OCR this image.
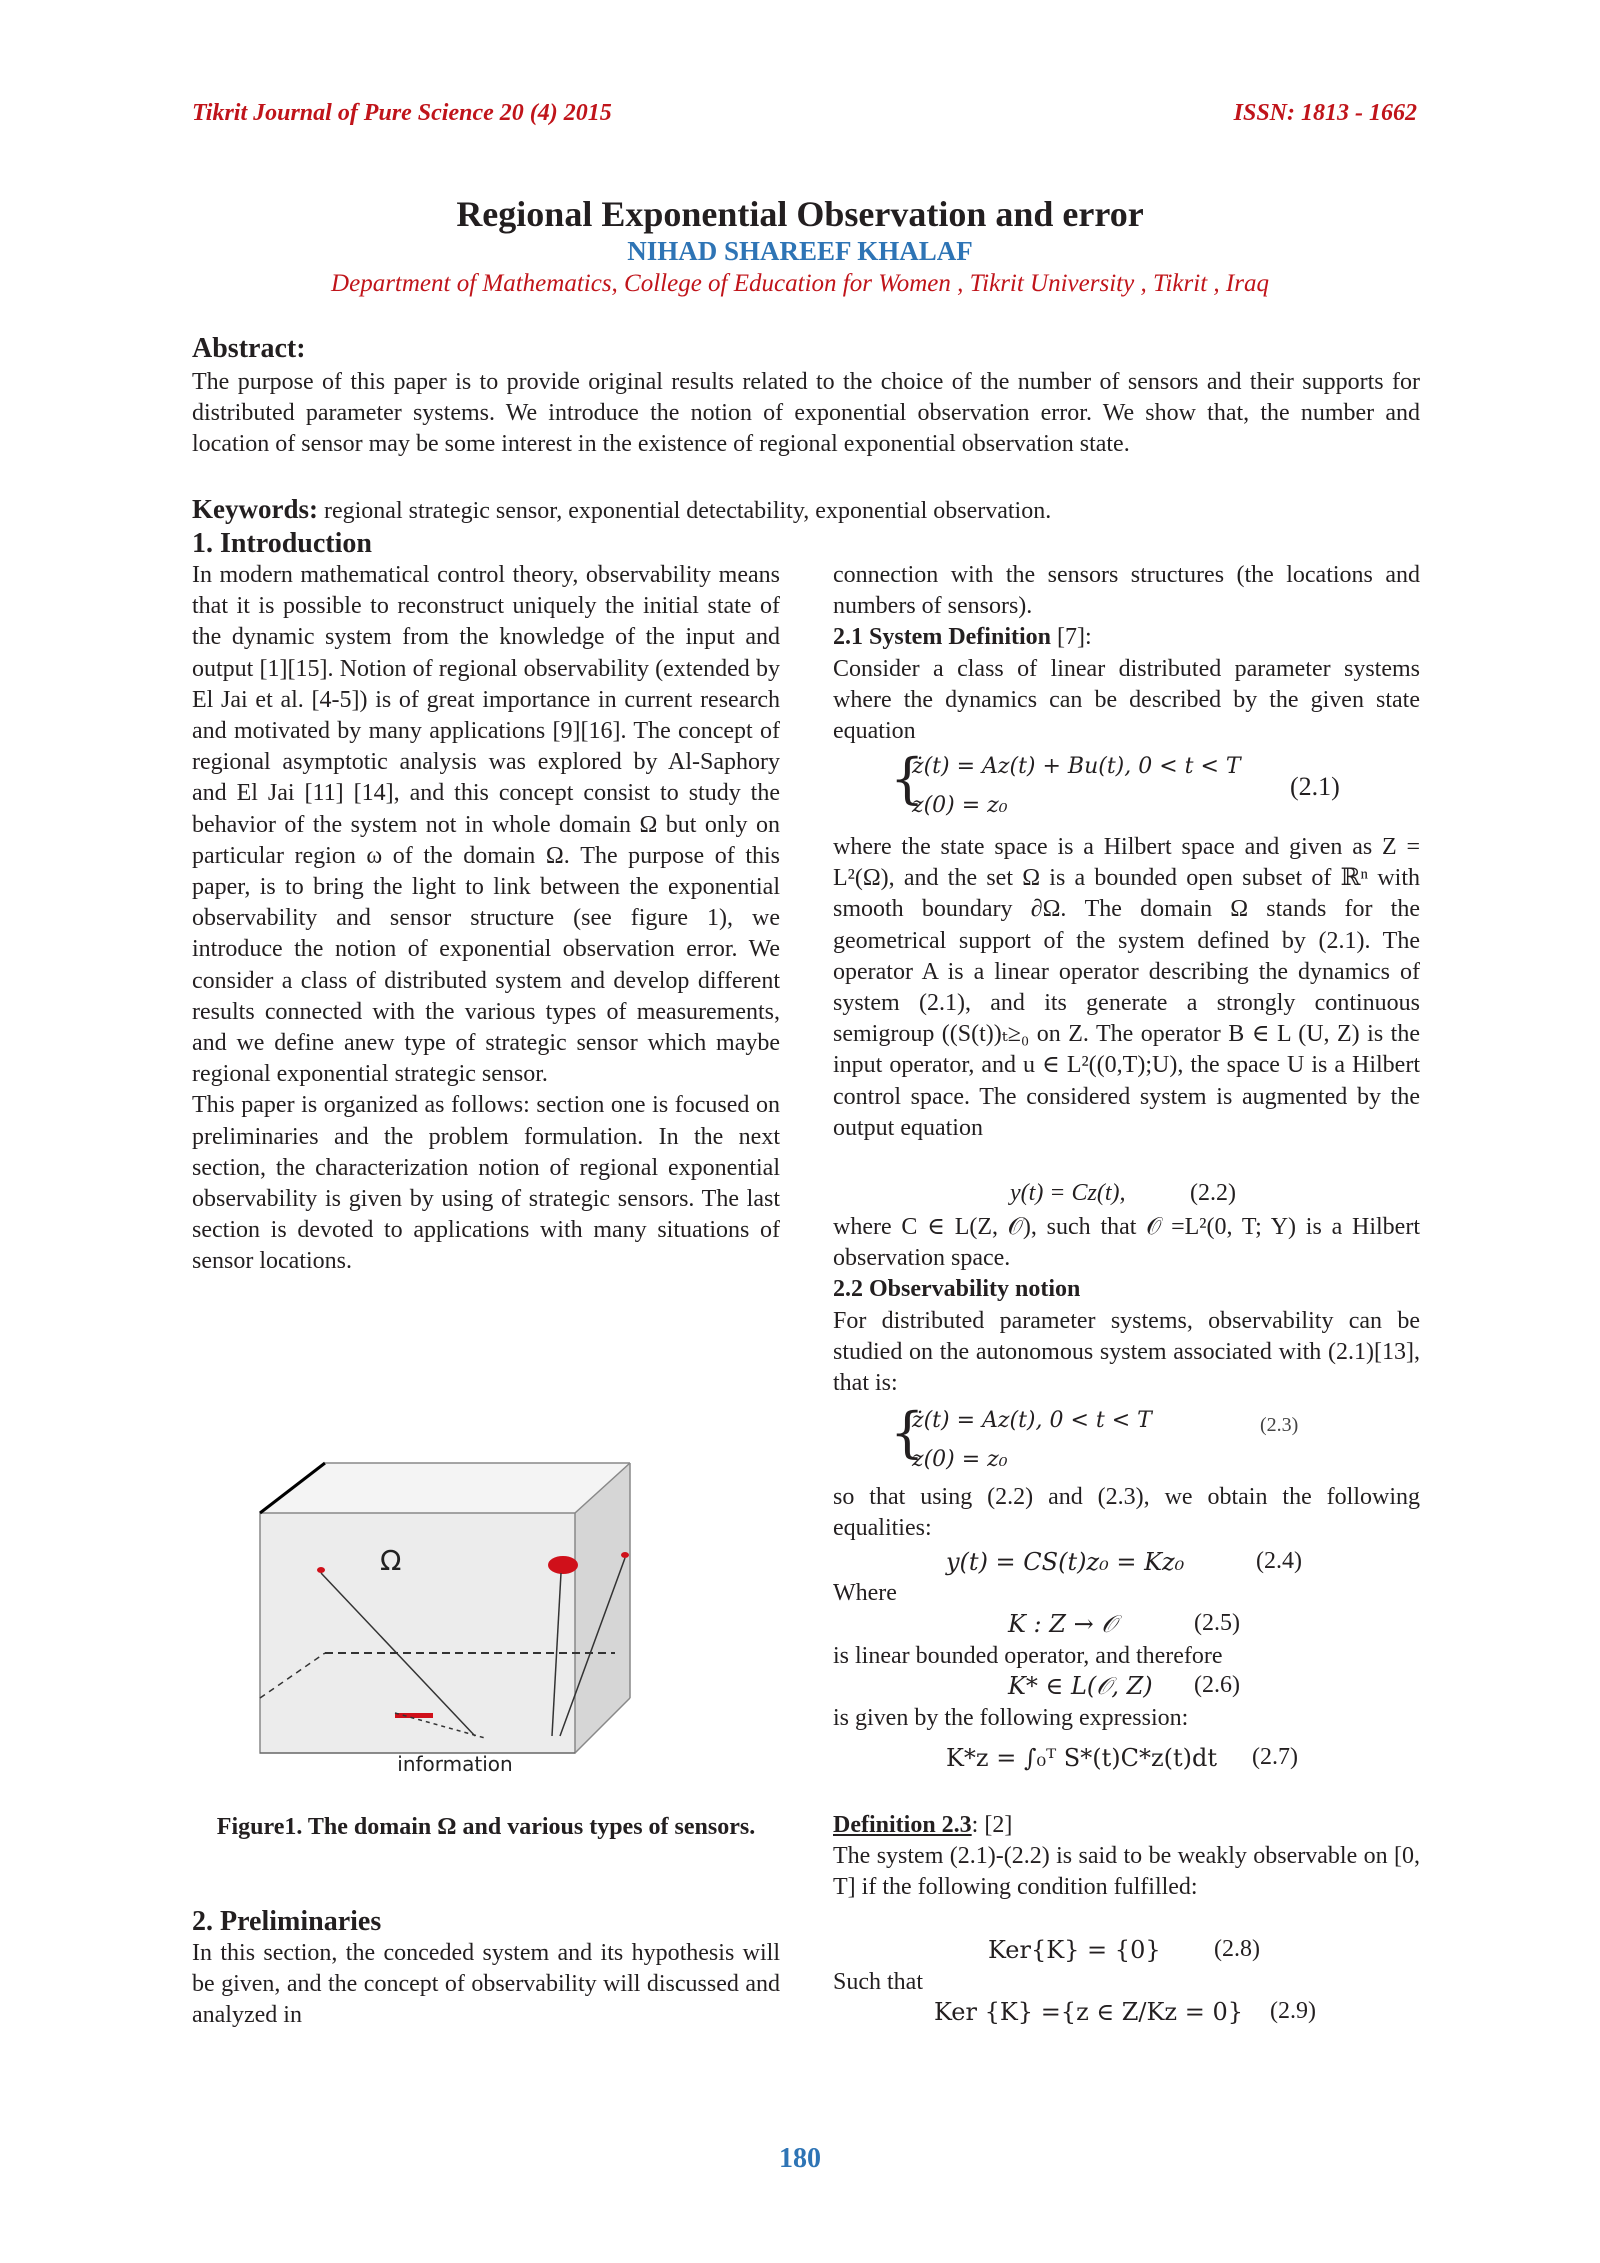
Tikrit Journal of Pure Science 20 (4) 2015	ISSN: 1813 - 1662
Regional Exponential Observation and error
NIHAD SHAREEF KHALAF
Department of Mathematics, College of Education for Women , Tikrit University , Tikrit , Iraq
Abstract:
The purpose of this paper is to provide original results related to the choice of the number of sensors and their supports for distributed parameter systems. We introduce the notion of exponential observation error. We show that, the number and location of sensor may be some interest in the existence of regional exponential observation state.
Keywords: regional strategic sensor, exponential detectability, exponential observation.
1. Introduction

In modern mathematical control theory, observability means that it is possible to reconstruct uniquely the initial state of the dynamic system from the knowledge of the input and output [1][15]. Notion of regional observability (extended by El Jai et al. [4-5]) is of great importance in current research and motivated by many applications [9][16]. The concept of regional asymptotic analysis was explored by Al-Saphory and El Jai [11] [14], and this concept consist to study the behavior of the system not in whole domain Ω but only on particular region ω of the domain Ω. The purpose of this paper, is to bring the light to link between the exponential observability and sensor structure (see figure 1), we introduce the notion of exponential observation error. We consider a class of distributed system and develop different results connected with the various types of measurements, and we define anew type of strategic sensor which maybe regional exponential strategic sensor.

This paper is organized as follows: section one is focused on preliminaries and the problem formulation. In the next section, the characterization notion of regional exponential observability is given by using of strategic sensors. The last section is devoted to applications with many situations of sensor locations.

Ω
information
Figure1. The domain Ω and various types of sensors.
2. Preliminaries
In this section, the conceded system and its hypothesis will be given, and the concept of observability will discussed and analyzed in

connection with the sensors structures (the locations and numbers of sensors).

2.1 System Definition [7]:

Consider a class of linear distributed parameter systems where the dynamics can be described by the given state equation

{
ż(t) = Az(t) + Bu(t), 0 < t < T
z(0) = z₀
(2.1)
where the state space is a Hilbert space and given as Z = L²(Ω), and the set Ω is a bounded open subset of ℝⁿ with smooth boundary ∂Ω. The domain Ω stands for the geometrical support of the system defined by (2.1). The operator A is a linear operator describing the dynamics of system (2.1), and its generate a strongly continuous semigroup ((S(t))ₜ≥₀ on Z. The operator B ∈ L (U, Z) is the input operator, and u ∈ L²((0,T);U), the space U is a Hilbert control space. The considered system is augmented by the output equation
y(t) = Cz(t),	(2.2)

where C ∈ L(Z, 𝒪), such that 𝒪 =L²(0, T; Y) is a Hilbert observation space.

2.2 Observability notion

For distributed parameter systems, observability can be studied on the autonomous system associated with (2.1)[13], that is:

{
ż(t) = Az(t), 0 < t < T
z(0) = z₀
(2.3)
so that using (2.2) and (2.3), we obtain the following equalities:
y(t) = CS(t)z₀ = Kz₀	(2.4)
Where
K : Z → 𝒪	(2.5)
is linear bounded operator, and therefore
K* ∈ L(𝒪, Z) (2.6)
is given by the following expression:
K*z = ∫₀ᵀ S*(t)C*z(t)dt (2.7)

Definition 2.3: [2]

The system (2.1)-(2.2) is said to be weakly observable on [0, T] if the following condition fulfilled:

Ker{K} = {0} (2.8)
Such that
Ker {K} ={z ∈ Z/Kz = 0} (2.9)
180
